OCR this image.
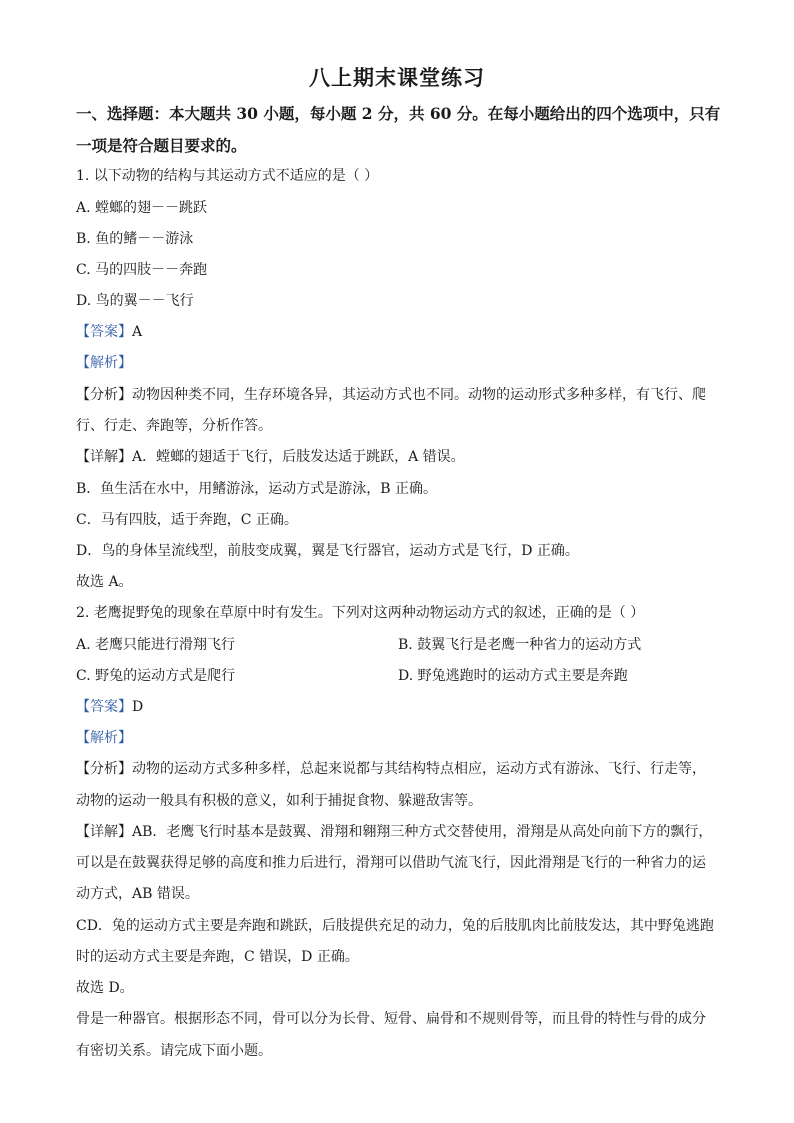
八上期末课堂练习
一、选择题：本大题共 30 小题，每小题 2 分，共 60 分。在每小题给出的四个选项中，只有
一项是符合题目要求的。
1. 以下动物的结构与其运动方式不适应的是（ ）
A. 螳螂的翅－－跳跃
B. 鱼的鳍－－游泳
C. 马的四肢－－奔跑
D. 鸟的翼－－飞行
【答案】A
【解析】
【分析】动物因种类不同，生存环境各异，其运动方式也不同。动物的运动形式多种多样，有飞行、爬
行、行走、奔跑等，分析作答。
【详解】A．螳螂的翅适于飞行，后肢发达适于跳跃，A 错误。
B．鱼生活在水中，用鳍游泳，运动方式是游泳，B 正确。
C．马有四肢，适于奔跑，C 正确。
D．鸟的身体呈流线型，前肢变成翼，翼是飞行器官，运动方式是飞行，D 正确。
故选 A。
2. 老鹰捉野兔的现象在草原中时有发生。下列对这两种动物运动方式的叙述，正确的是（ ）
A. 老鹰只能进行滑翔飞行	B. 鼓翼飞行是老鹰一种省力的运动方式
C. 野兔的运动方式是爬行	D. 野兔逃跑时的运动方式主要是奔跑
【答案】D
【解析】
【分析】动物的运动方式多种多样，总起来说都与其结构特点相应，运动方式有游泳、飞行、行走等，
动物的运动一般具有积极的意义，如利于捕捉食物、躲避敌害等。
【详解】AB．老鹰飞行时基本是鼓翼、滑翔和翱翔三种方式交替使用，滑翔是从高处向前下方的飘行，
可以是在鼓翼获得足够的高度和推力后进行，滑翔可以借助气流飞行，因此滑翔是飞行的一种省力的运
动方式，AB 错误。
CD．兔的运动方式主要是奔跑和跳跃，后肢提供充足的动力，兔的后肢肌肉比前肢发达，其中野兔逃跑
时的运动方式主要是奔跑，C 错误，D 正确。
故选 D。
骨是一种器官。根据形态不同，骨可以分为长骨、短骨、扁骨和不规则骨等，而且骨的特性与骨的成分
有密切关系。请完成下面小题。
